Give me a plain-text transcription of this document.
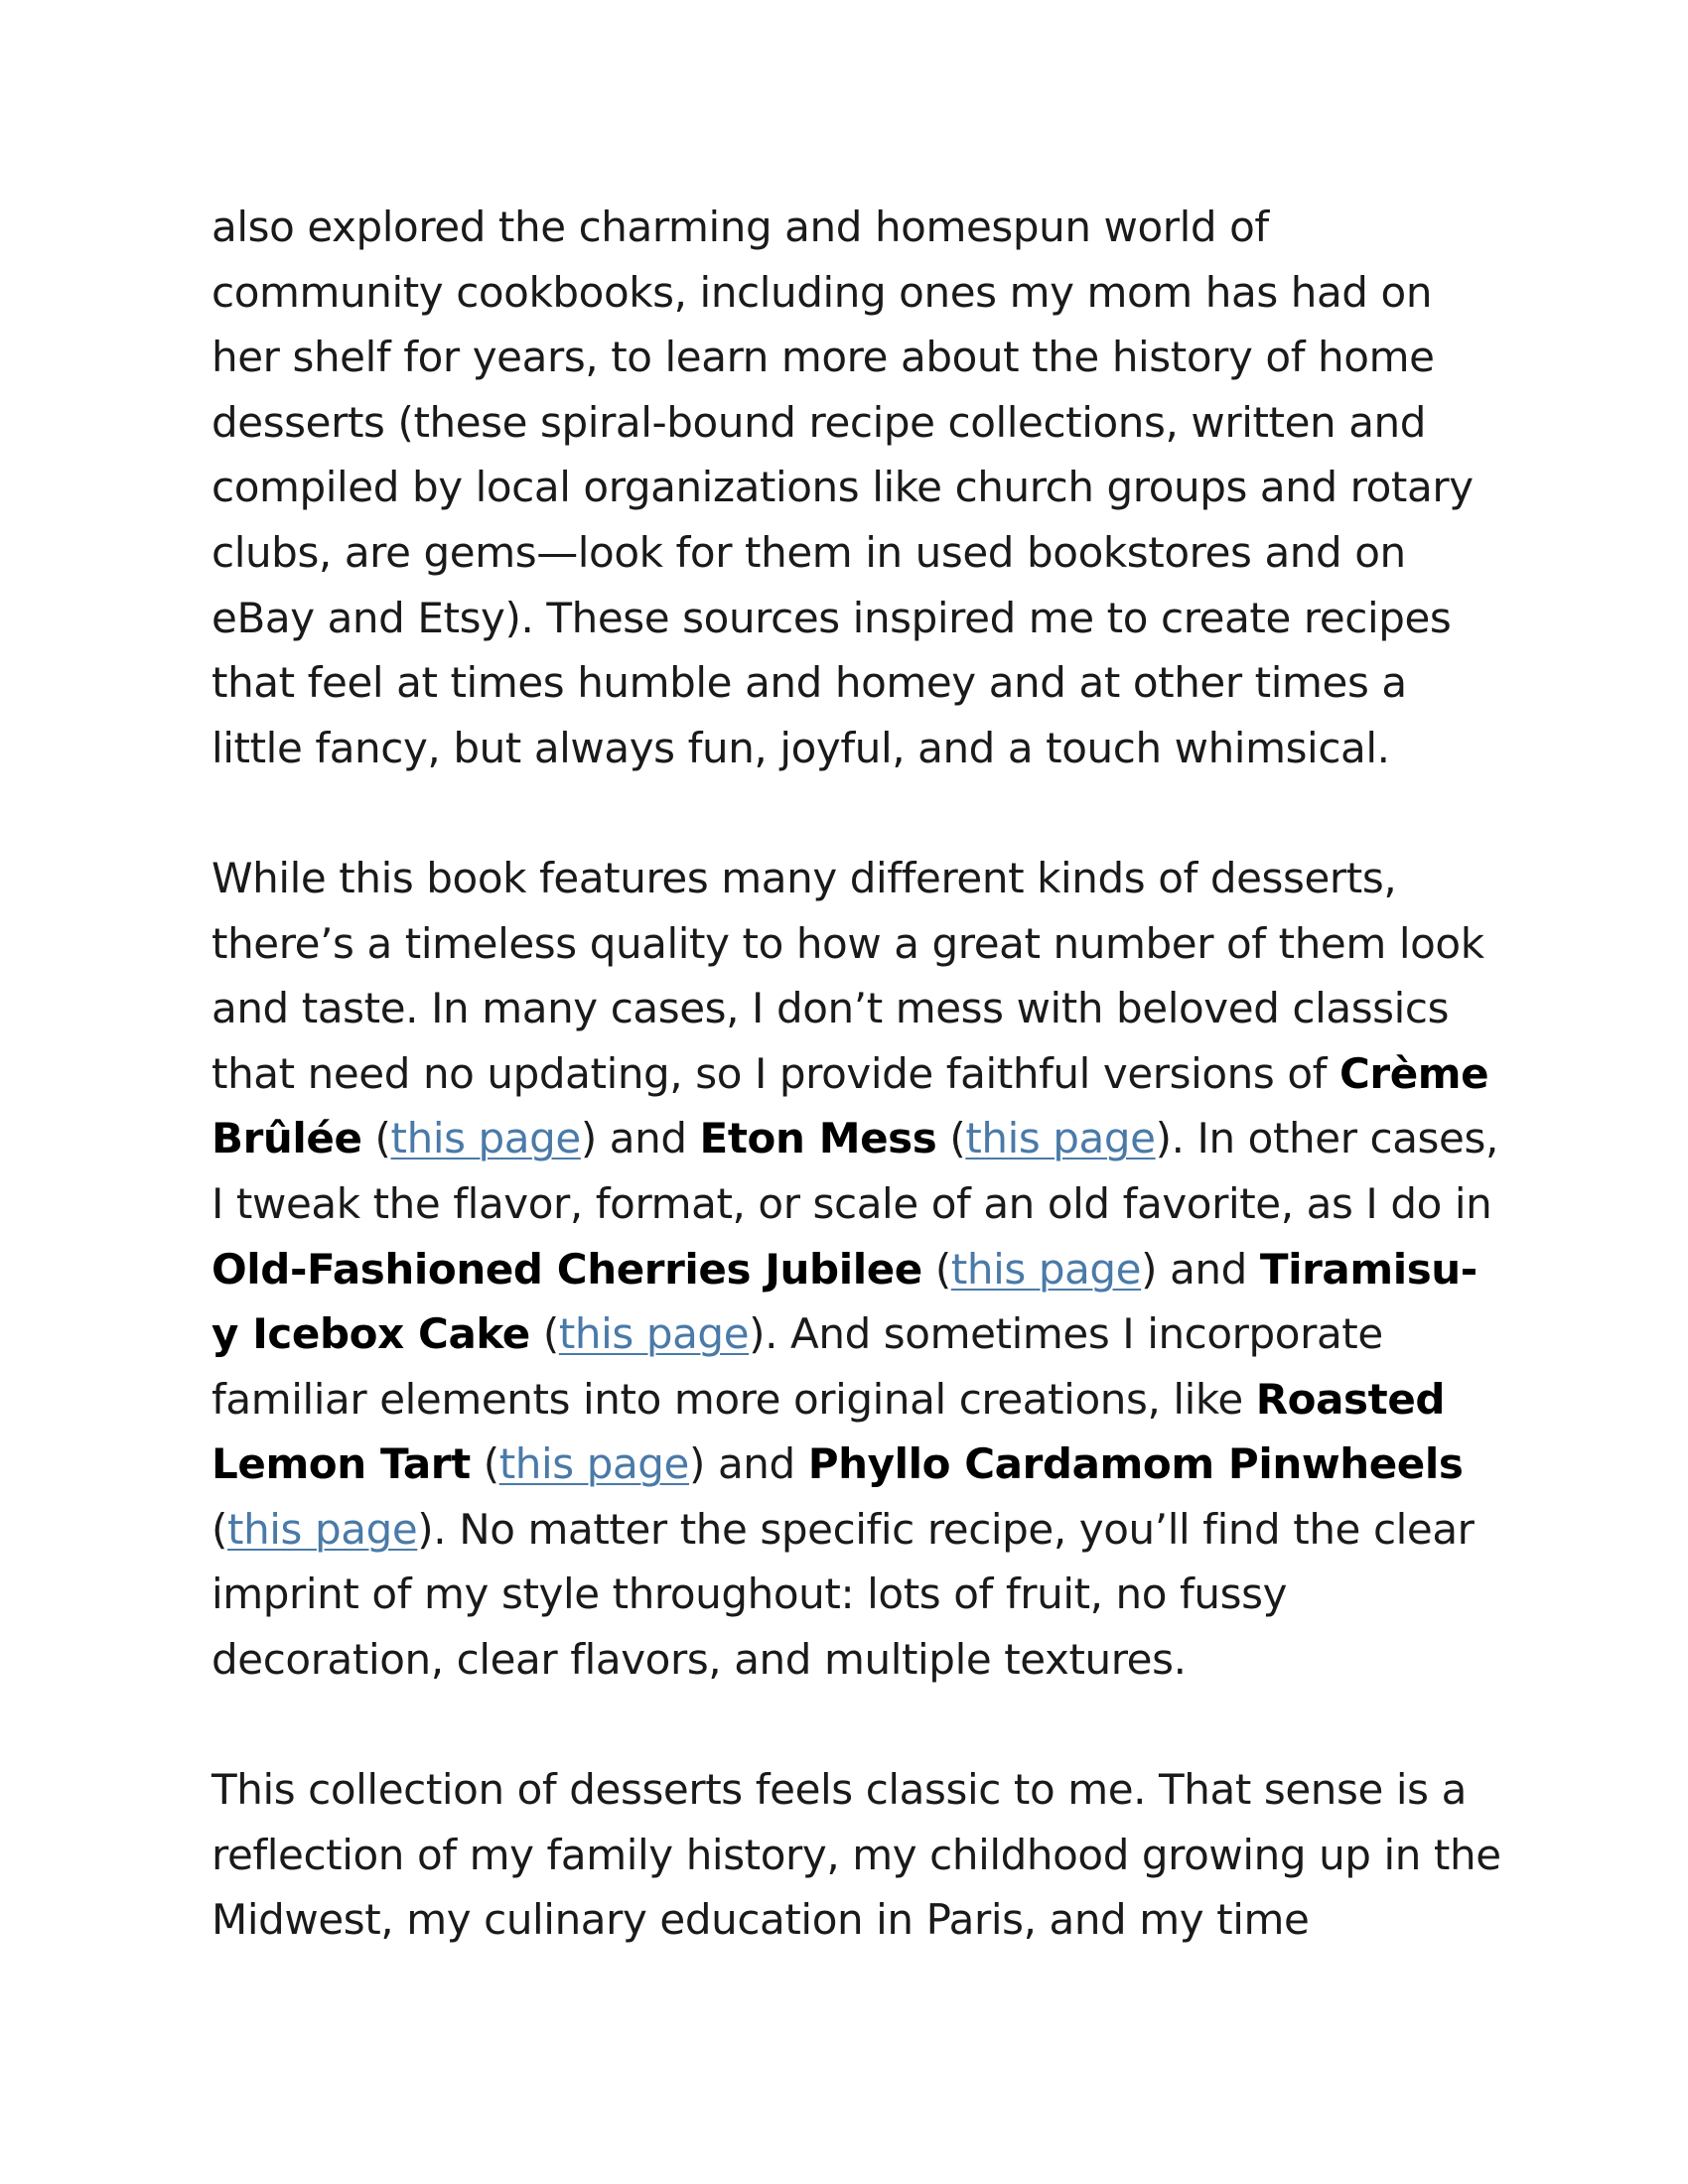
also explored the charming and homespun world of community cookbooks, including ones my mom has had on her shelf for years, to learn more about the history of home desserts (these spiral-bound recipe collections, written and compiled by local organizations like church groups and rotary clubs, are gems—look for them in used bookstores and on eBay and Etsy). These sources inspired me to create recipes that feel at times humble and homey and at other times a little fancy, but always fun, joyful, and a touch whimsical.

While this book features many different kinds of desserts, there’s a timeless quality to how a great number of them look and taste. In many cases, I don’t mess with beloved classics that need no updating, so I provide faithful versions of Crème Brûlée (this page) and Eton Mess (this page). In other cases, I tweak the flavor, format, or scale of an old favorite, as I do in Old-Fashioned Cherries Jubilee (this page) and Tiramisu-y Icebox Cake (this page). And sometimes I incorporate familiar elements into more original creations, like Roasted Lemon Tart (this page) and Phyllo Cardamom Pinwheels (this page). No matter the specific recipe, you’ll find the clear imprint of my style throughout: lots of fruit, no fussy decoration, clear flavors, and multiple textures.

This collection of desserts feels classic to me. That sense is a reflection of my family history, my childhood growing up in the Midwest, my culinary education in Paris, and my time
